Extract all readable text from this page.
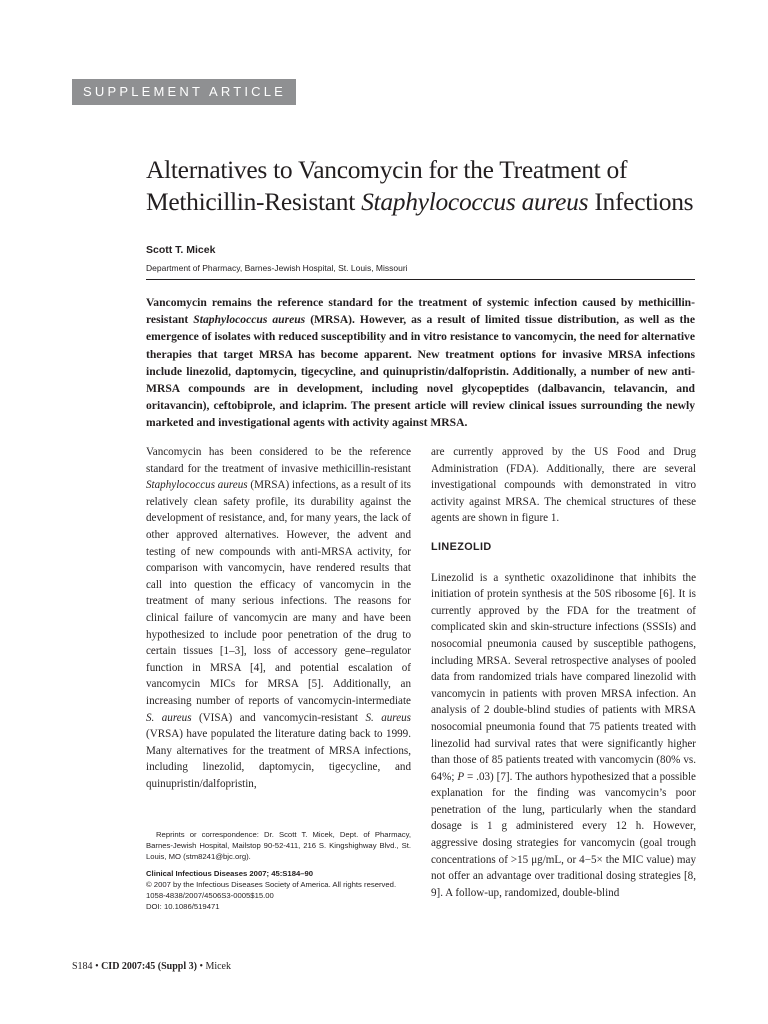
SUPPLEMENT ARTICLE
Alternatives to Vancomycin for the Treatment of
Methicillin-Resistant Staphylococcus aureus Infections
Scott T. Micek
Department of Pharmacy, Barnes-Jewish Hospital, St. Louis, Missouri

Vancomycin remains the reference standard for the treatment of systemic infection caused by methicillin-resistant Staphylococcus aureus (MRSA). However, as a result of limited tissue distribution, as well as the emergence of isolates with reduced susceptibility and in vitro resistance to vancomycin, the need for alternative therapies that target MRSA has become apparent. New treatment options for invasive MRSA infections include linezolid, daptomycin, tigecycline, and quinupristin/dalfopristin. Additionally, a number of new anti-MRSA compounds are in development, including novel glycopeptides (dalbavancin, telavancin, and oritavancin), ceftobiprole, and iclaprim. The present article will review clinical issues surrounding the newly marketed and investigational agents with activity against MRSA.

Vancomycin has been considered to be the reference standard for the treatment of invasive methicillin-resistant Staphylococcus aureus (MRSA) infections, as a result of its relatively clean safety profile, its durability against the development of resistance, and, for many years, the lack of other approved alternatives. However, the advent and testing of new compounds with anti-MRSA activity, for comparison with vancomycin, have rendered results that call into question the efficacy of vancomycin in the treatment of many serious infections. The reasons for clinical failure of vancomycin are many and have been hypothesized to include poor penetration of the drug to certain tissues [1–3], loss of accessory gene–regulator function in MRSA [4], and potential escalation of vancomycin MICs for MRSA [5]. Additionally, an increasing number of reports of vancomycin-intermediate S. aureus (VISA) and vancomycin-resistant S. aureus (VRSA) have populated the literature dating back to 1999. Many alternatives for the treatment of MRSA infections, including linezolid, daptomycin, tigecycline, and quinupristin/dalfopristin,

are currently approved by the US Food and Drug Administration (FDA). Additionally, there are several investigational compounds with demonstrated in vitro activity against MRSA. The chemical structures of these agents are shown in figure 1.

LINEZOLID

Linezolid is a synthetic oxazolidinone that inhibits the initiation of protein synthesis at the 50S ribosome [6]. It is currently approved by the FDA for the treatment of complicated skin and skin-structure infections (SSSIs) and nosocomial pneumonia caused by susceptible pathogens, including MRSA. Several retrospective analyses of pooled data from randomized trials have compared linezolid with vancomycin in patients with proven MRSA infection. An analysis of 2 double-blind studies of patients with MRSA nosocomial pneumonia found that 75 patients treated with linezolid had survival rates that were significantly higher than those of 85 patients treated with vancomycin (80% vs. 64%; P = .03) [7]. The authors hypothesized that a possible explanation for the finding was vancomycin’s poor penetration of the lung, particularly when the standard dosage is 1 g administered every 12 h. However, aggressive dosing strategies for vancomycin (goal trough concentrations of >15 μg/mL, or 4−5× the MIC value) may not offer an advantage over traditional dosing strategies [8, 9]. A follow-up, randomized, double-blind

Reprints or correspondence: Dr. Scott T. Micek, Dept. of Pharmacy, Barnes-Jewish Hospital, Mailstop 90-52-411, 216 S. Kingshighway Blvd., St. Louis, MO (stm8241@bjc.org).

Clinical Infectious Diseases 2007; 45:S184–90

© 2007 by the Infectious Diseases Society of America. All rights reserved.

1058-4838/2007/4506S3-0005$15.00

DOI: 10.1086/519471

S184 • CID 2007:45 (Suppl 3) • Micek
